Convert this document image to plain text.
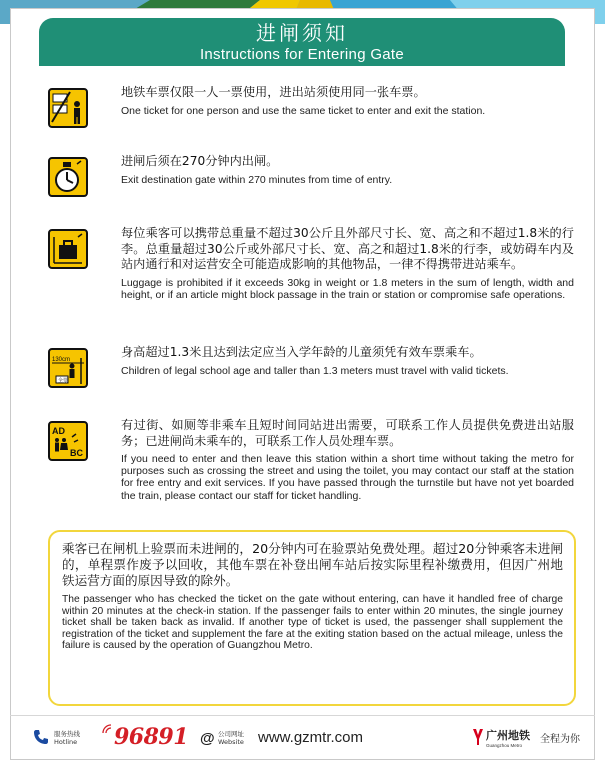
进闸须知
Instructions for Entering Gate
地铁车票仅限一人一票使用，进出站须使用同一张车票。
One ticket for one person and use the same ticket to enter and exit the station.
进闸后须在270分钟内出闸。
Exit destination gate within 270 minutes from time of entry.
每位乘客可以携带总重量不超过30公斤且外部尺寸长、宽、高之和不超过1.8米的行李。总重量超过30公斤或外部尺寸长、宽、高之和超过1.8米的行李，或妨碍车内及站内通行和对运营安全可能造成影响的其他物品，一律不得携带进站乘车。
Luggage is prohibited if it exceeds 30kg in weight or 1.8 meters in the sum of length, width and height, or if an article might block passage in the train or station or compromise safe operations.
130cm
全票
身高超过1.3米且达到法定应当入学年龄的儿童须凭有效车票乘车。
Children of legal school age and taller than 1.3 meters must travel with valid tickets.
AD
BC
有过街、如厕等非乘车且短时间同站进出需要，可联系工作人员提供免费进出站服务；已进闸尚未乘车的，可联系工作人员处理车票。
If you need to enter and then leave this station within a short time without taking the metro for purposes such as crossing the street and using the toilet, you may contact our staff at the station for free entry and exit services. If you have passed through the turnstile but have not yet boarded the train, please contact our staff for ticket handling.
乘客已在闸机上验票而未进闸的，20分钟内可在验票站免费处理。超过20分钟乘客未进闸的，单程票作废予以回收，其他车票在补登出闸车站后按实际里程补缴费用，但因广州地铁运营方面的原因导致的除外。
The passenger who has checked the ticket on the gate without entering, can have it handled free of charge within 20 minutes at the check-in station. If the passenger fails to enter within 20 minutes, the single journey ticket shall be taken back as invalid. If another type of ticket is used, the passenger shall supplement the registration of the ticket and supplement the fare at the exiting station based on the actual mileage, unless the failure is caused by the operation of Guangzhou Metro.
服务热线
Hotline 96891 @ 公司网址
Website www.gzmtr.com	广州地铁
Guangzhou Metro
全程为你
